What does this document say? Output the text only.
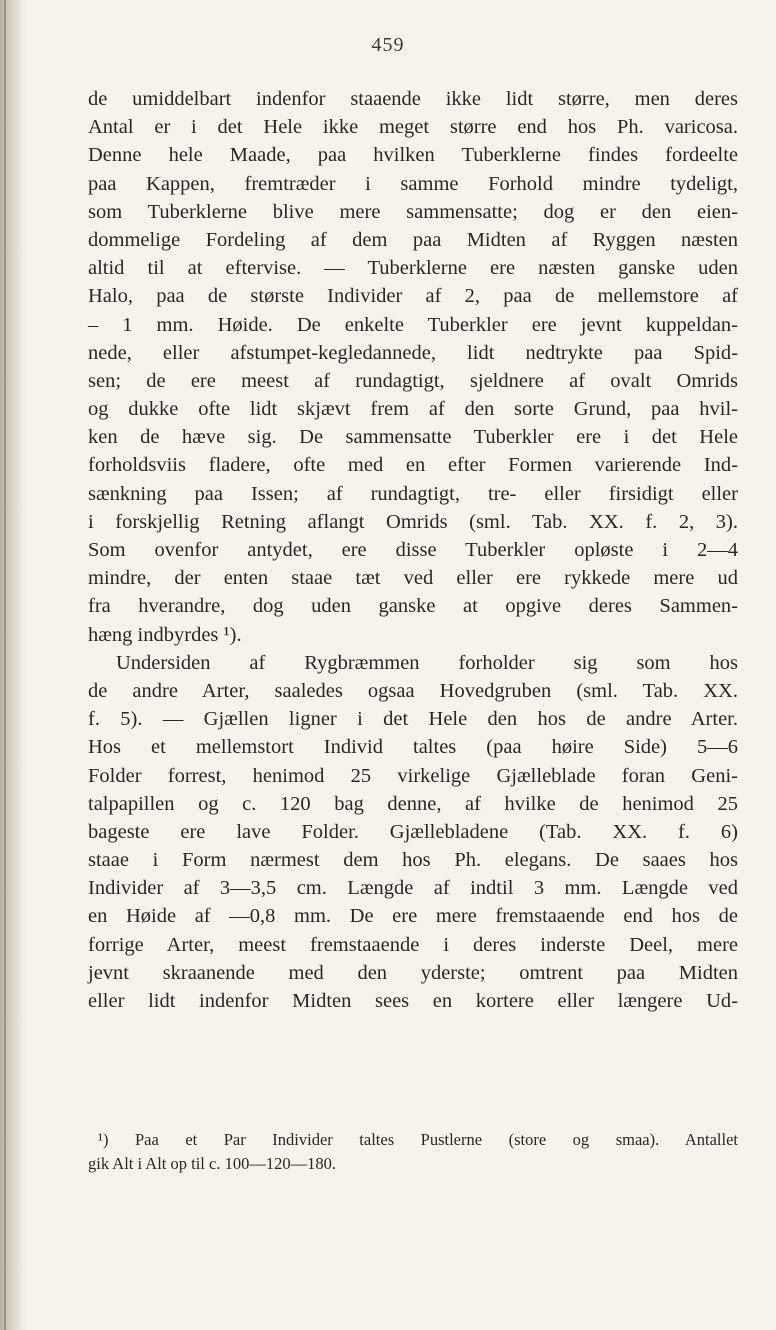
459
de umiddelbart indenfor staaende ikke lidt større, men deres
Antal er i det Hele ikke meget større end hos Ph. varicosa.
Denne hele Maade, paa hvilken Tuberklerne findes fordeelte
paa Kappen, fremtræder i samme Forhold mindre tydeligt,
som Tuberklerne blive mere sammensatte; dog er den eien-
dommelige Fordeling af dem paa Midten af Ryggen næsten
altid til at eftervise. — Tuberklerne ere næsten ganske uden
Halo, paa de største Individer af 2, paa de mellemstore af
– 1 mm. Høide. De enkelte Tuberkler ere jevnt kuppeldan-
nede, eller afstumpet-kegledannede, lidt nedtrykte paa Spid-
sen; de ere meest af rundagtigt, sjeldnere af ovalt Omrids
og dukke ofte lidt skjævt frem af den sorte Grund, paa hvil-
ken de hæve sig. De sammensatte Tuberkler ere i det Hele
forholdsviis fladere, ofte med en efter Formen varierende Ind-
sænkning paa Issen; af rundagtigt, tre- eller firsidigt eller
i forskjellig Retning aflangt Omrids (sml. Tab. XX. f. 2, 3).
Som ovenfor antydet, ere disse Tuberkler opløste i 2—4
mindre, der enten staae tæt ved eller ere rykkede mere ud
fra hverandre, dog uden ganske at opgive deres Sammen-
hæng indbyrdes ¹).
Undersiden af Rygbræmmen forholder sig som hos
de andre Arter, saaledes ogsaa Hovedgruben (sml. Tab. XX.
f. 5). — Gjællen ligner i det Hele den hos de andre Arter.
Hos et mellemstort Individ taltes (paa høire Side) 5—6
Folder forrest, henimod 25 virkelige Gjælleblade foran Geni-
talpapillen og c. 120 bag denne, af hvilke de henimod 25
bageste ere lave Folder. Gjællebladene (Tab. XX. f. 6)
staae i Form nærmest dem hos Ph. elegans. De saaes hos
Individer af 3—3,5 cm. Længde af indtil 3 mm. Længde ved
en Høide af —0,8 mm. De ere mere fremstaaende end hos de
forrige Arter, meest fremstaaende i deres inderste Deel, mere
jevnt skraanende med den yderste; omtrent paa Midten
eller lidt indenfor Midten sees en kortere eller længere Ud-
¹) Paa et Par Individer taltes Pustlerne (store og smaa). Antallet
gik Alt i Alt op til c. 100—120—180.
